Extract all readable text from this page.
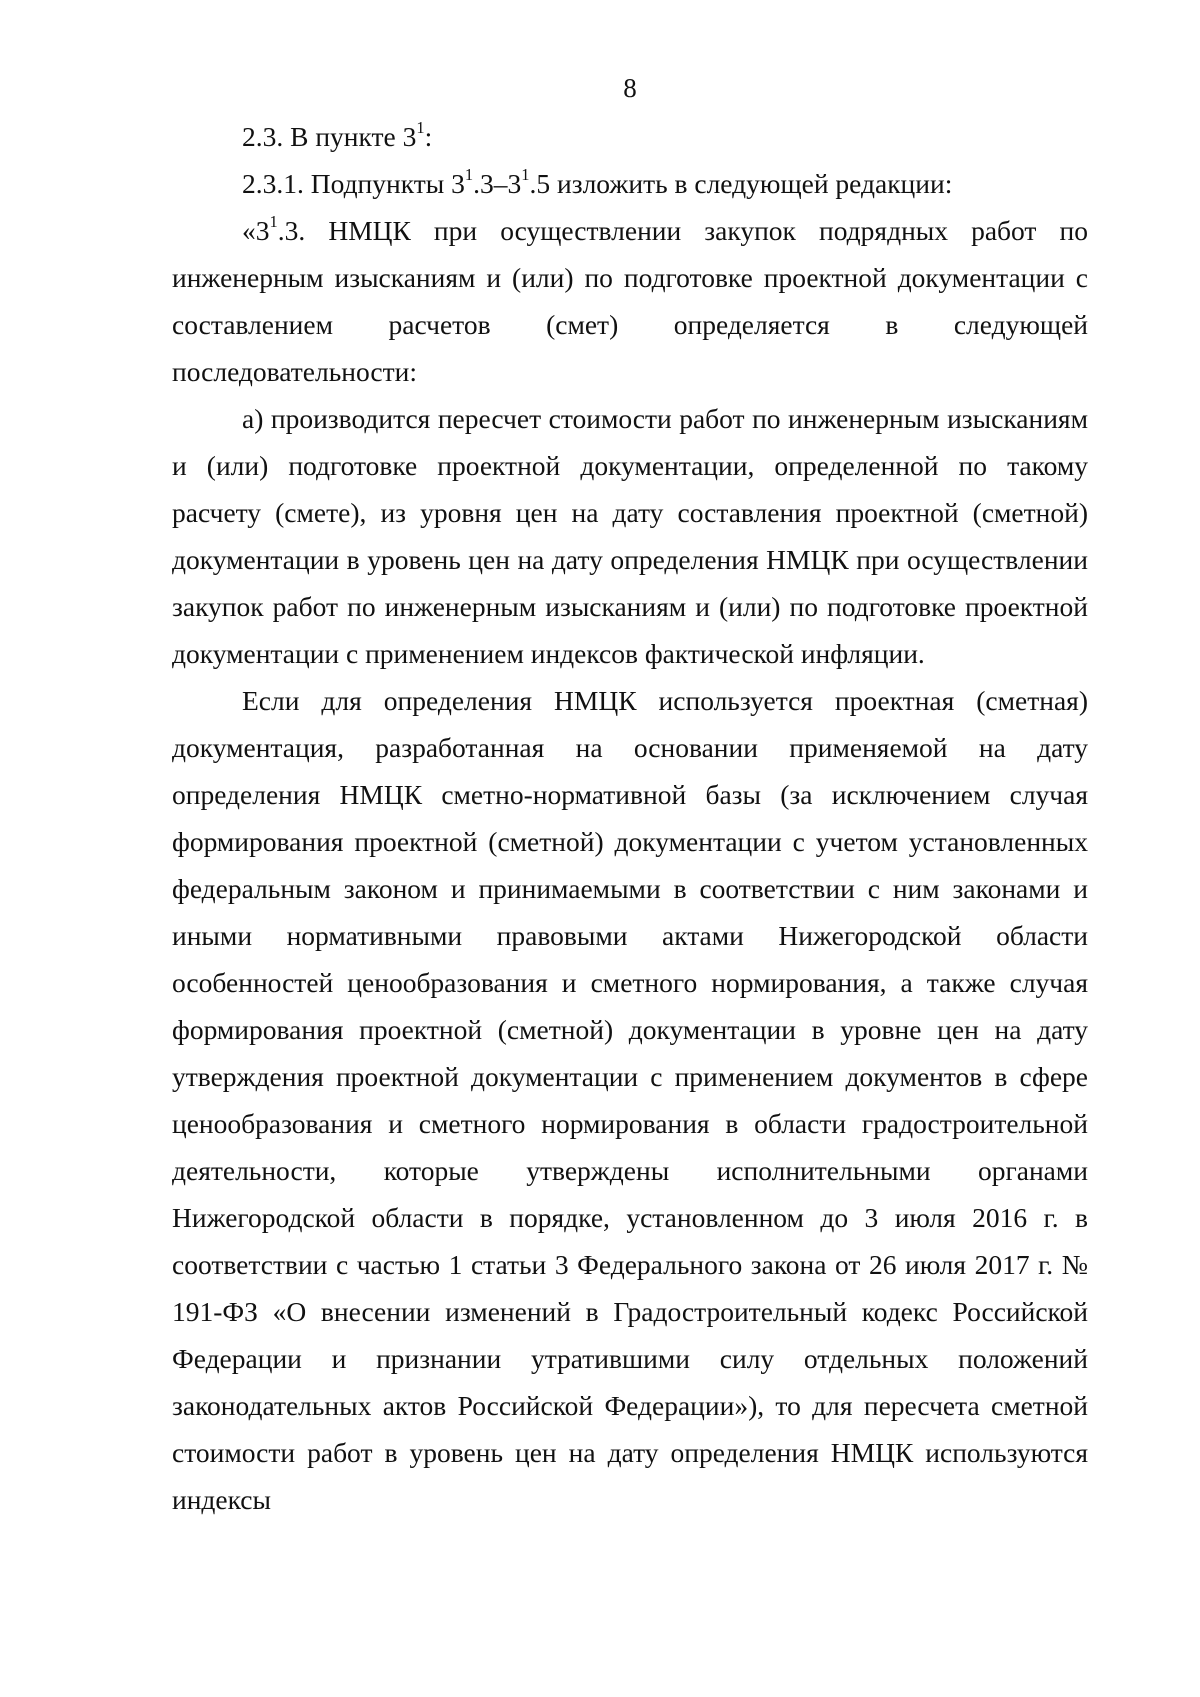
8

2.3. В пункте $3^1$:

2.3.1. Подпункты $3^1.3-3^1.5$ изложить в следующей редакции:

«$3^1.3$. НМЦК при осуществлении закупок подрядных работ по инженерным изысканиям и (или) по подготовке проектной документации с составлением расчетов (смет) определяется в следующей последовательности:

а) производится пересчет стоимости работ по инженерным изысканиям и (или) подготовке проектной документации, определенной по такому расчету (смете), из уровня цен на дату составления проектной (сметной) документации в уровень цен на дату определения НМЦК при осуществлении закупок работ по инженерным изысканиям и (или) по подготовке проектной документации с применением индексов фактической инфляции.

Если для определения НМЦК используется проектная (сметная) документация, разработанная на основании применяемой на дату определения НМЦК сметно-нормативной базы (за исключением случая формирования проектной (сметной) документации с учетом установленных федеральным законом и принимаемыми в соответствии с ним законами и иными нормативными правовыми актами Нижегородской области особенностей ценообразования и сметного нормирования, а также случая формирования проектной (сметной) документации в уровне цен на дату утверждения проектной документации с применением документов в сфере ценообразования и сметного нормирования в области градостроительной деятельности, которые утверждены исполнительными органами Нижегородской области в порядке, установленном до 3 июля 2016 г. в соответствии с частью 1 статьи 3 Федерального закона от 26 июля 2017 г. № 191-ФЗ «О внесении изменений в Градостроительный кодекс Российской Федерации и признании утратившими силу отдельных положений законодательных актов Российской Федерации»), то для пересчета сметной стоимости работ в уровень цен на дату определения НМЦК используются индексы
